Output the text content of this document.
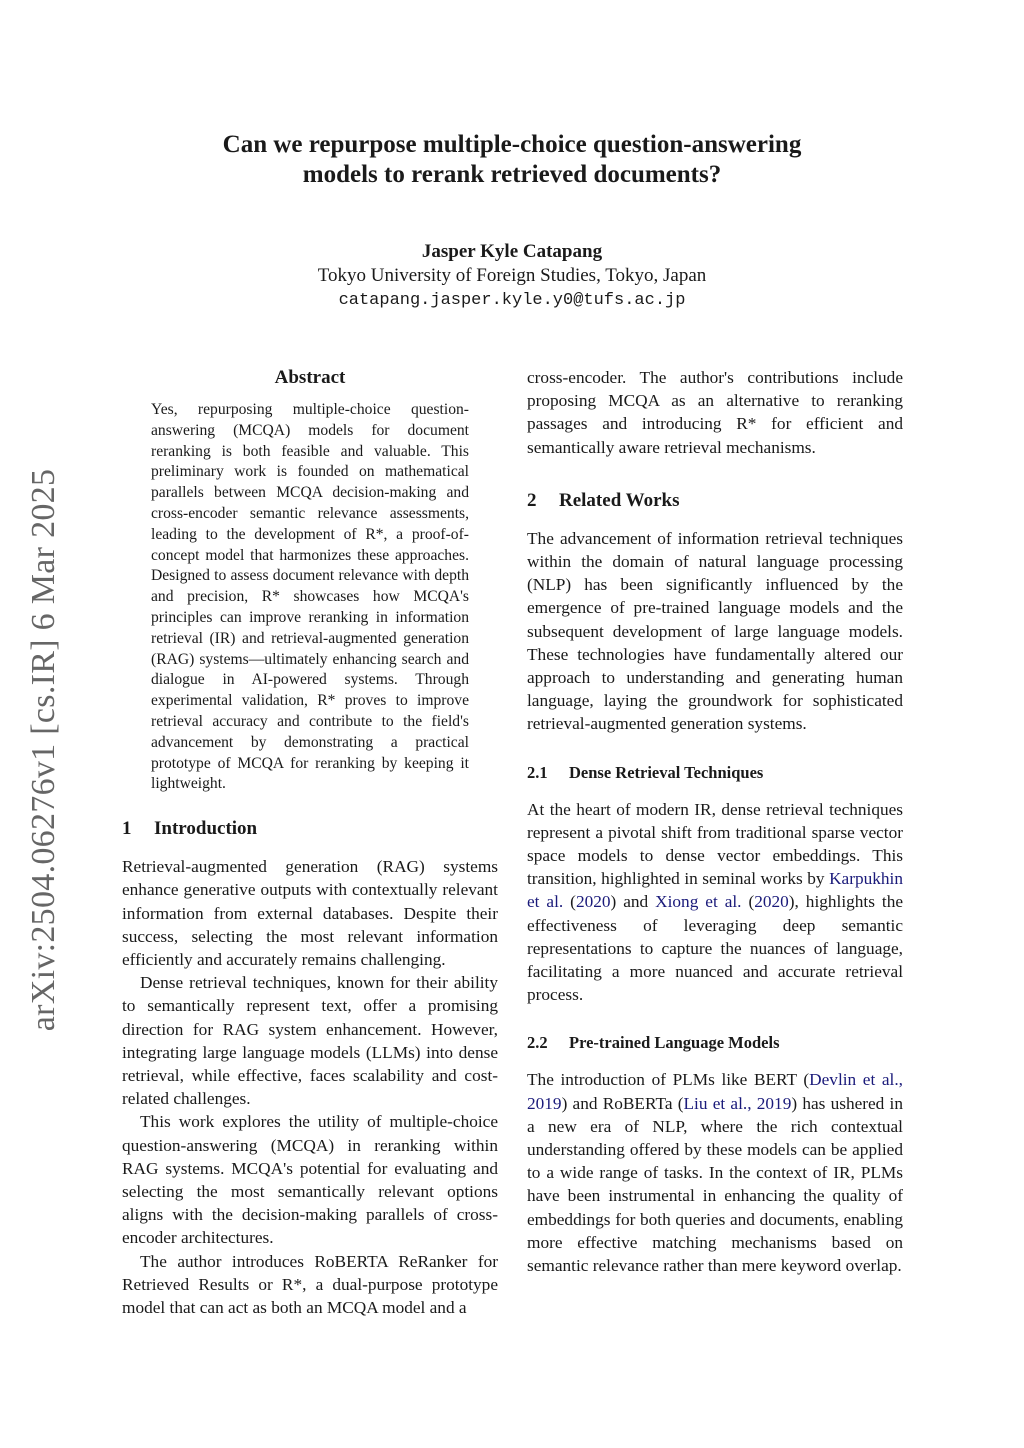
arXiv:2504.06276v1 [cs.IR] 6 Mar 2025
Can we repurpose multiple-choice question-answering
models to rerank retrieved documents?
Jasper Kyle Catapang
Tokyo University of Foreign Studies, Tokyo, Japan
catapang.jasper.kyle.y0@tufs.ac.jp
Abstract

Yes, repurposing multiple-choice question-answering (MCQA) models for document reranking is both feasible and valuable. This preliminary work is founded on mathematical parallels between MCQA decision-making and cross-encoder semantic relevance assessments, leading to the development of R*, a proof-of-concept model that harmonizes these approaches. Designed to assess document relevance with depth and precision, R* showcases how MCQA's principles can improve reranking in information retrieval (IR) and retrieval-augmented generation (RAG) systems—ultimately enhancing search and dialogue in AI-powered systems. Through experimental validation, R* proves to improve retrieval accuracy and contribute to the field's advancement by demonstrating a practical prototype of MCQA for reranking by keeping it lightweight.

1 Introduction

Retrieval-augmented generation (RAG) systems enhance generative outputs with contextually relevant information from external databases. Despite their success, selecting the most relevant information efficiently and accurately remains challenging.

Dense retrieval techniques, known for their ability to semantically represent text, offer a promising direction for RAG system enhancement. However, integrating large language models (LLMs) into dense retrieval, while effective, faces scalability and cost-related challenges.

This work explores the utility of multiple-choice question-answering (MCQA) in reranking within RAG systems. MCQA's potential for evaluating and selecting the most semantically relevant options aligns with the decision-making parallels of cross-encoder architectures.

The author introduces RoBERTA ReRanker for Retrieved Results or R*, a dual-purpose prototype model that can act as both an MCQA model and a

cross-encoder. The author's contributions include proposing MCQA as an alternative to reranking passages and introducing R* for efficient and semantically aware retrieval mechanisms.

2 Related Works

The advancement of information retrieval techniques within the domain of natural language processing (NLP) has been significantly influenced by the emergence of pre-trained language models and the subsequent development of large language models. These technologies have fundamentally altered our approach to understanding and generating human language, laying the groundwork for sophisticated retrieval-augmented generation systems.

2.1 Dense Retrieval Techniques

At the heart of modern IR, dense retrieval techniques represent a pivotal shift from traditional sparse vector space models to dense vector embeddings. This transition, highlighted in seminal works by Karpukhin et al. (2020) and Xiong et al. (2020), highlights the effectiveness of leveraging deep semantic representations to capture the nuances of language, facilitating a more nuanced and accurate retrieval process.

2.2 Pre-trained Language Models

The introduction of PLMs like BERT (Devlin et al., 2019) and RoBERTa (Liu et al., 2019) has ushered in a new era of NLP, where the rich contextual understanding offered by these models can be applied to a wide range of tasks. In the context of IR, PLMs have been instrumental in enhancing the quality of embeddings for both queries and documents, enabling more effective matching mechanisms based on semantic relevance rather than mere keyword overlap.
